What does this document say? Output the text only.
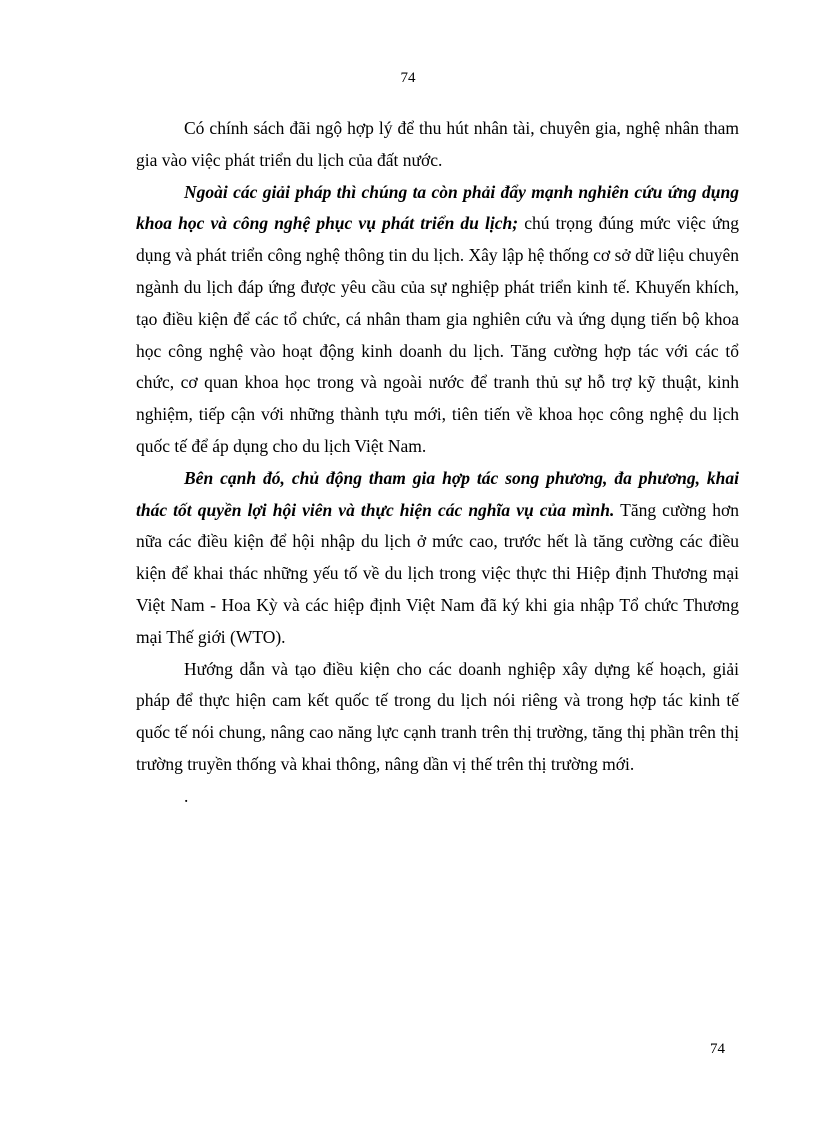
74

Có chính sách đãi ngộ hợp lý để thu hút nhân tài, chuyên gia, nghệ nhân tham gia vào việc phát triển du lịch của đất nước.

Ngoài các giải pháp thì chúng ta còn phải đẩy mạnh nghiên cứu ứng dụng khoa học và công nghệ phục vụ phát triển du lịch; chú trọng đúng mức việc ứng dụng và phát triển công nghệ thông tin du lịch. Xây lập hệ thống cơ sở dữ liệu chuyên ngành du lịch đáp ứng được yêu cầu của sự nghiệp phát triển kinh tế. Khuyến khích, tạo điều kiện để các tổ chức, cá nhân tham gia nghiên cứu và ứng dụng tiến bộ khoa học công nghệ vào hoạt động kinh doanh du lịch. Tăng cường hợp tác với các tổ chức, cơ quan khoa học trong và ngoài nước để tranh thủ sự hỗ trợ kỹ thuật, kinh nghiệm, tiếp cận với những thành tựu mới, tiên tiến về khoa học công nghệ du lịch quốc tế để áp dụng cho du lịch Việt Nam.

Bên cạnh đó, chủ động tham gia hợp tác song phương, đa phương, khai thác tốt quyền lợi hội viên và thực hiện các nghĩa vụ của mình. Tăng cường hơn nữa các điều kiện để hội nhập du lịch ở mức cao, trước hết là tăng cường các điều kiện để khai thác những yếu tố về du lịch trong việc thực thi Hiệp định Thương mại Việt Nam - Hoa Kỳ và các hiệp định Việt Nam đã ký khi gia nhập Tổ chức Thương mại Thế giới (WTO).

Hướng dẫn và tạo điều kiện cho các doanh nghiệp xây dựng kế hoạch, giải pháp để thực hiện cam kết quốc tế trong du lịch nói riêng và trong hợp tác kinh tế quốc tế nói chung, nâng cao năng lực cạnh tranh trên thị trường, tăng thị phần trên thị trường truyền thống và khai thông, nâng dần vị thế trên thị trường mới.

.

74
